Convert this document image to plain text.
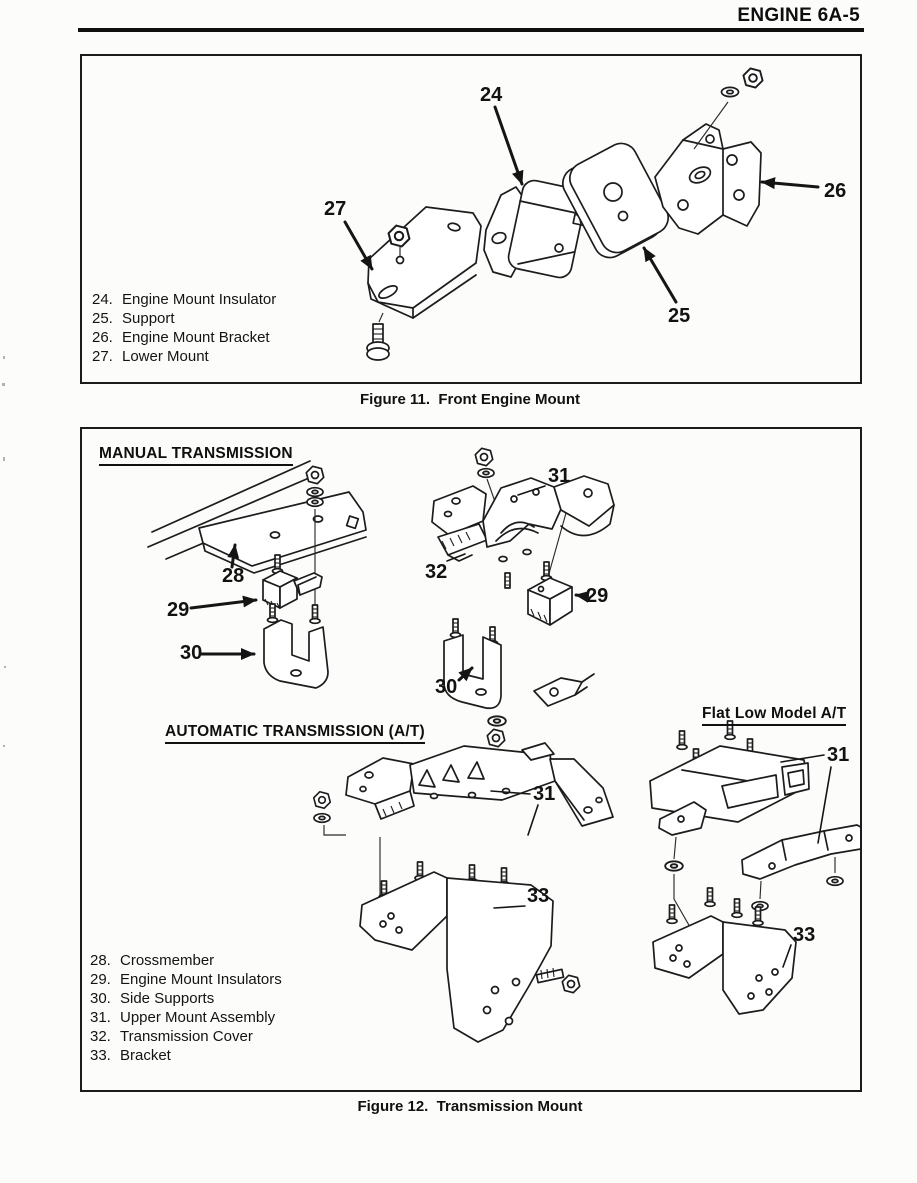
ENGINE 6A-5
24
27
26
25
24. Engine Mount Insulator
25. Support
26. Engine Mount Bracket
27. Lower Mount
Figure 11.  Front Engine Mount
MANUAL TRANSMISSION
AUTOMATIC TRANSMISSION (A/T)
Flat Low Model A/T
28
29
30
31
32
29
30
31
33
31
33
28. Crossmember
29. Engine Mount Insulators
30. Side Supports
31. Upper Mount Assembly
32. Transmission Cover
33. Bracket
Figure 12.  Transmission Mount
